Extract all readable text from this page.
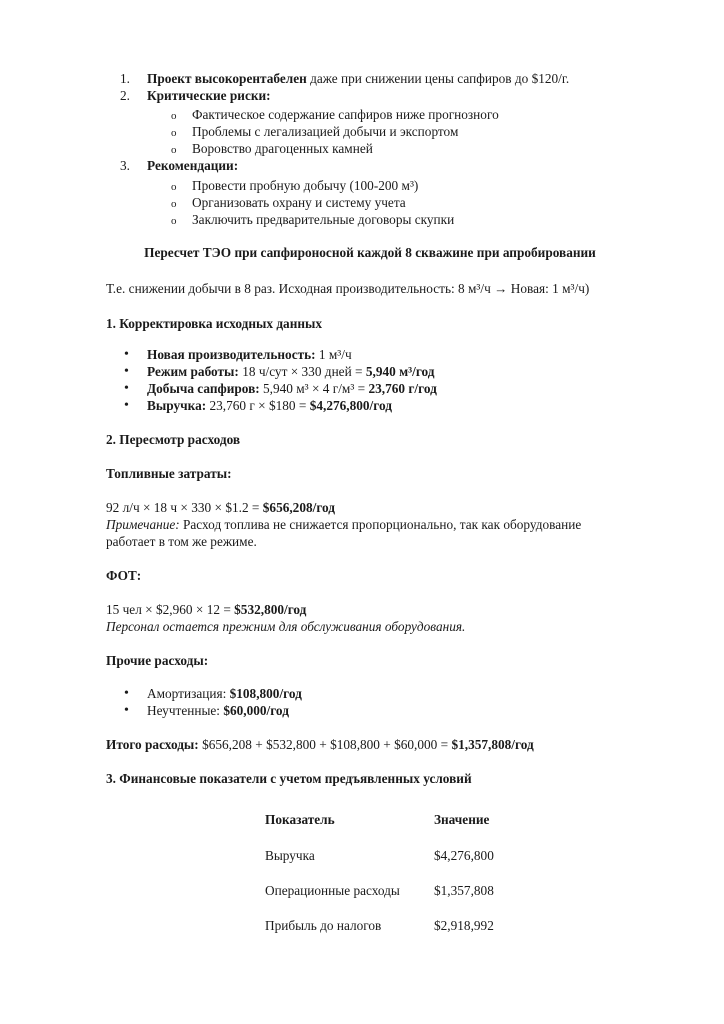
1. Проект высокорентабелен даже при снижении цены сапфиров до $120/г.
2. Критические риски:
o Фактическое содержание сапфиров ниже прогнозного
o Проблемы с легализацией добычи и экспортом
o Воровство драгоценных камней
3. Рекомендации:
o Провести пробную добычу (100-200 м³)
o Организовать охрану и систему учета
o Заключить предварительные договоры скупки
Пересчет ТЭО при сапфироносной каждой 8 скважине при апробировании
Т.е. снижении добычи в 8 раз. Исходная производительность: 8 м³/ч → Новая: 1 м³/ч)
1. Корректировка исходных данных
• Новая производительность: 1 м³/ч
• Режим работы: 18 ч/сут × 330 дней = 5,940 м³/год
• Добыча сапфиров: 5,940 м³ × 4 г/м³ = 23,760 г/год
• Выручка: 23,760 г × $180 = $4,276,800/год
2. Пересмотр расходов
Топливные затраты:
92 л/ч × 18 ч × 330 × $1.2 = $656,208/год
Примечание: Расход топлива не снижается пропорционально, так как оборудование
работает в том же режиме.
ФОТ:
15 чел × $2,960 × 12 = $532,800/год
Персонал остается прежним для обслуживания оборудования.
Прочие расходы:
• Амортизация: $108,800/год
• Неучтенные: $60,000/год
Итого расходы: $656,208 + $532,800 + $108,800 + $60,000 = $1,357,808/год
3. Финансовые показатели с учетом предъявленных условий
Показатель	Значение
Выручка	$4,276,800
Операционные расходы	$1,357,808
Прибыль до налогов	$2,918,992
